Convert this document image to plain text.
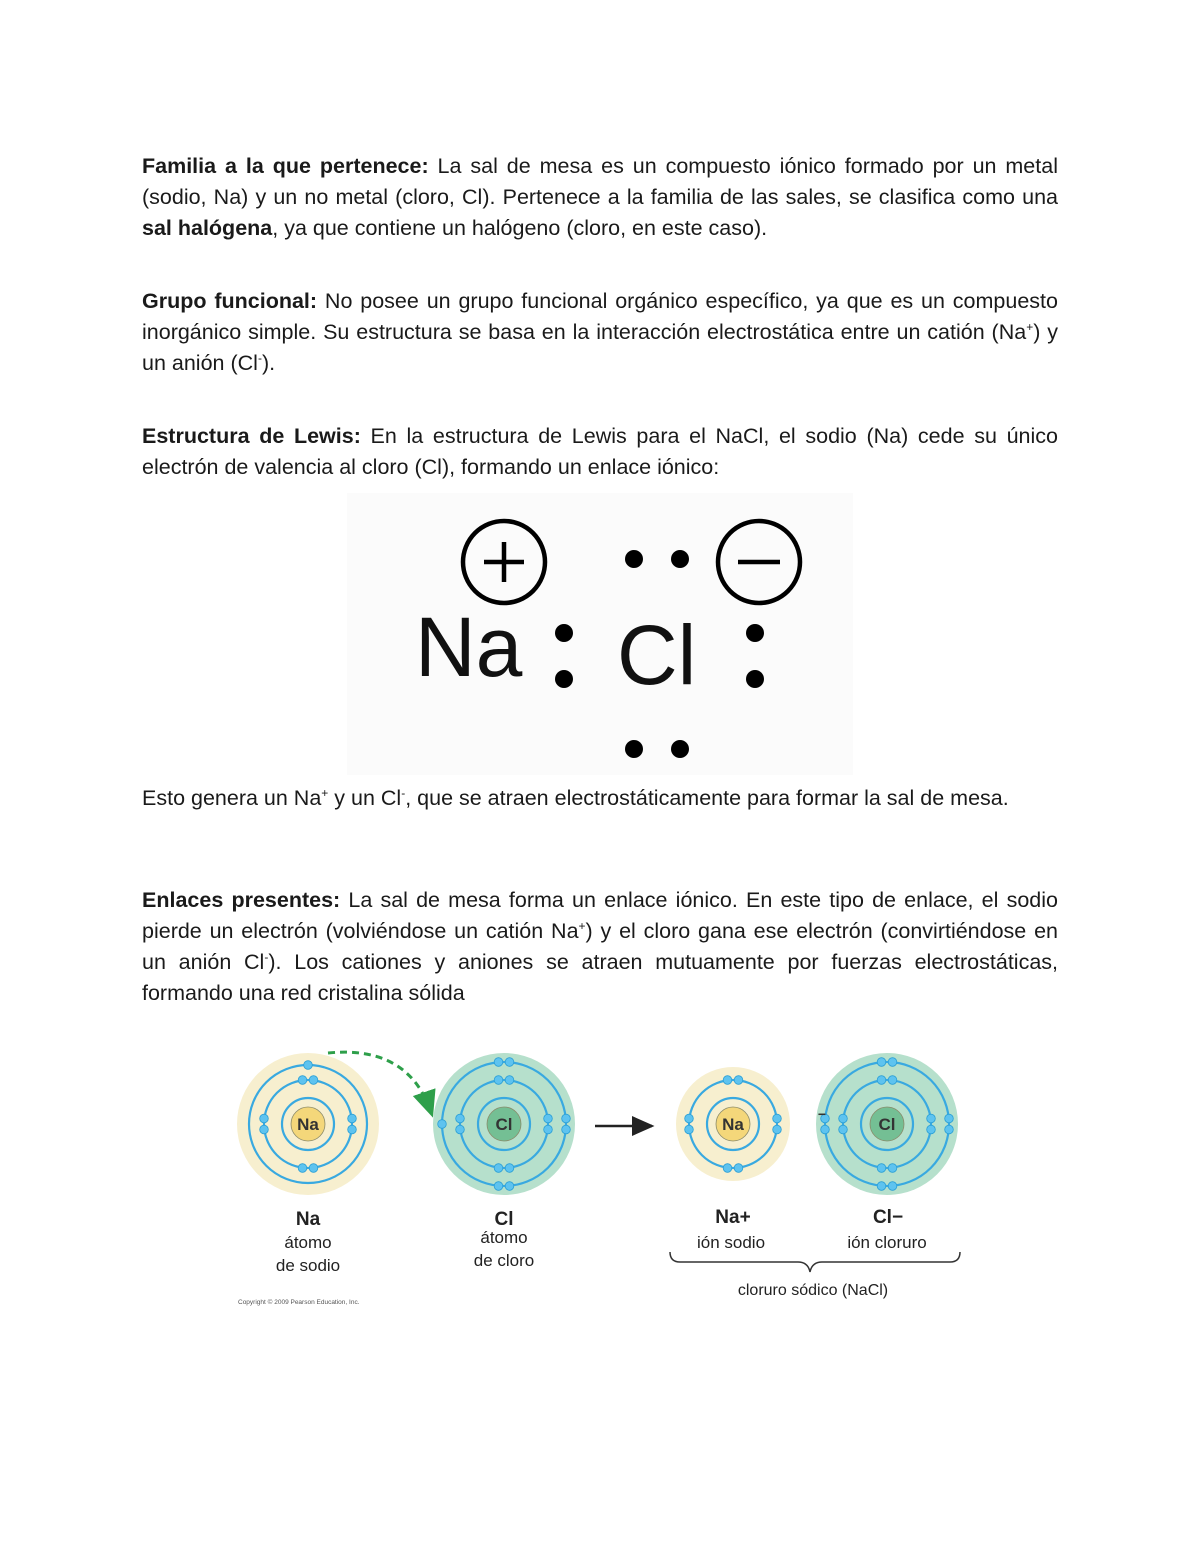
Familia a la que pertenece: La sal de mesa es un compuesto iónico formado por un metal (sodio, Na) y un no metal (cloro, Cl). Pertenece a la familia de las sales, se clasifica como una sal halógena, ya que contiene un halógeno (cloro, en este caso).

Grupo funcional: No posee un grupo funcional orgánico específico, ya que es un compuesto inorgánico simple. Su estructura se basa en la interacción electrostática entre un catión (Na+) y un anión (Cl-).

Estructura de Lewis: En la estructura de Lewis para el NaCl, el sodio (Na) cede su único electrón de valencia al cloro (Cl), formando un enlace iónico:

Na Cl

Esto genera un Na+ y un Cl-, que se atraen electrostáticamente para formar la sal de mesa.

Enlaces presentes: La sal de mesa forma un enlace iónico. En este tipo de enlace, el sodio pierde un electrón (volviéndose un catión Na+) y el cloro gana ese electrón (convirtiéndose en un anión Cl-). Los cationes y aniones se atraen mutuamente por fuerzas electrostáticas, formando una red cristalina sólida

Na	Cl	Na	Cl
−
Na
átomo
de sodio
Cl
átomo
de cloro
Na+
ión sodio
Cl−
ión cloruro
cloruro sódico (NaCl)
Copyright © 2009 Pearson Education, Inc.
